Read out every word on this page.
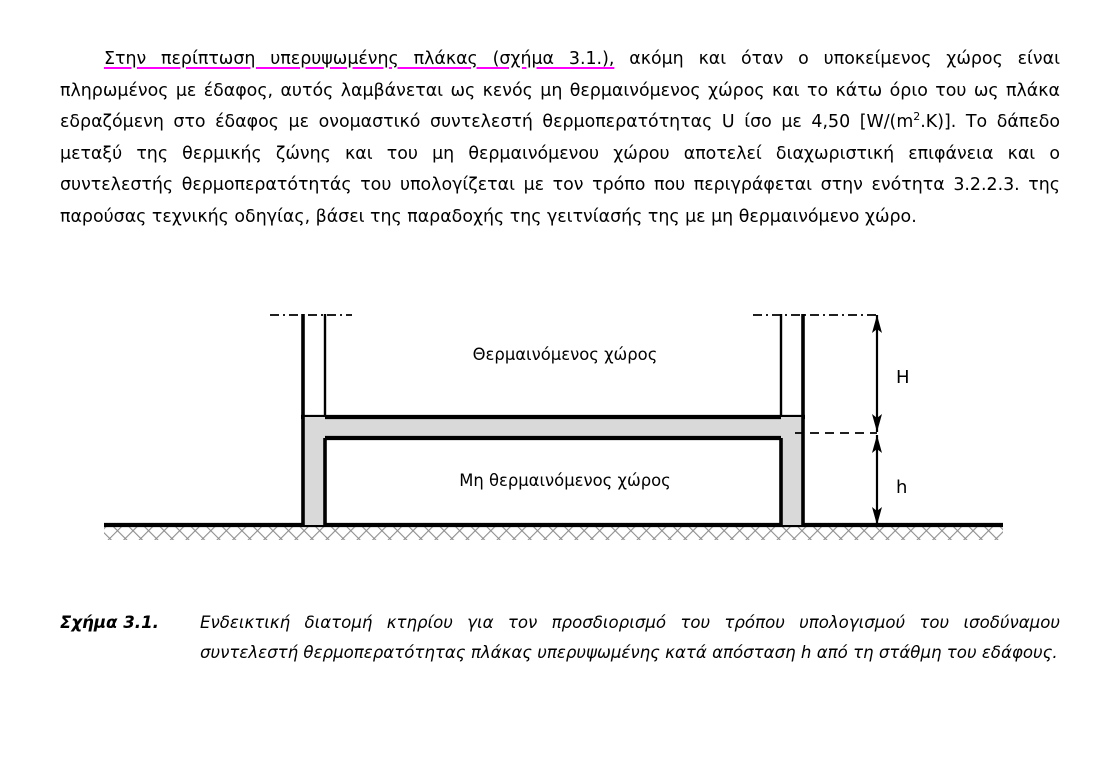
Στην περίπτωση υπερυψωμένης πλάκας (σχήμα 3.1.), ακόμη και όταν ο υποκείμενος χώρος είναι πληρωμένος με έδαφος, αυτός λαμβάνεται ως κενός μη θερμαινόμενος χώρος και το κάτω όριο του ως πλάκα εδραζόμενη στο έδαφος με ονομαστικό συντελεστή θερμοπερατότητας U ίσο με 4,50 $[W/(m^2.K)]$. Το δάπεδο μεταξύ της θερμικής ζώνης και του μη θερμαινόμενου χώρου αποτελεί διαχωριστική επιφάνεια και ο συντελεστής θερμοπερατότητάς του υπολογίζεται με τον τρόπο που περιγράφεται στην ενότητα 3.2.2.3. της παρούσας τεχνικής οδηγίας, βάσει της παραδοχής της γειτνίασής της με μη θερμαινόμενο χώρο.
Θερμαινόμενος χώρος
Μη θερμαινόμενος χώρος
H
h
Σχήμα 3.1.	Ενδεικτική διατομή κτηρίου για τον προσδιορισμό του τρόπου υπολογισμού του ισοδύναμου συντελεστή θερμοπερατότητας πλάκας υπερυψωμένης κατά απόσταση h από τη στάθμη του εδάφους.
